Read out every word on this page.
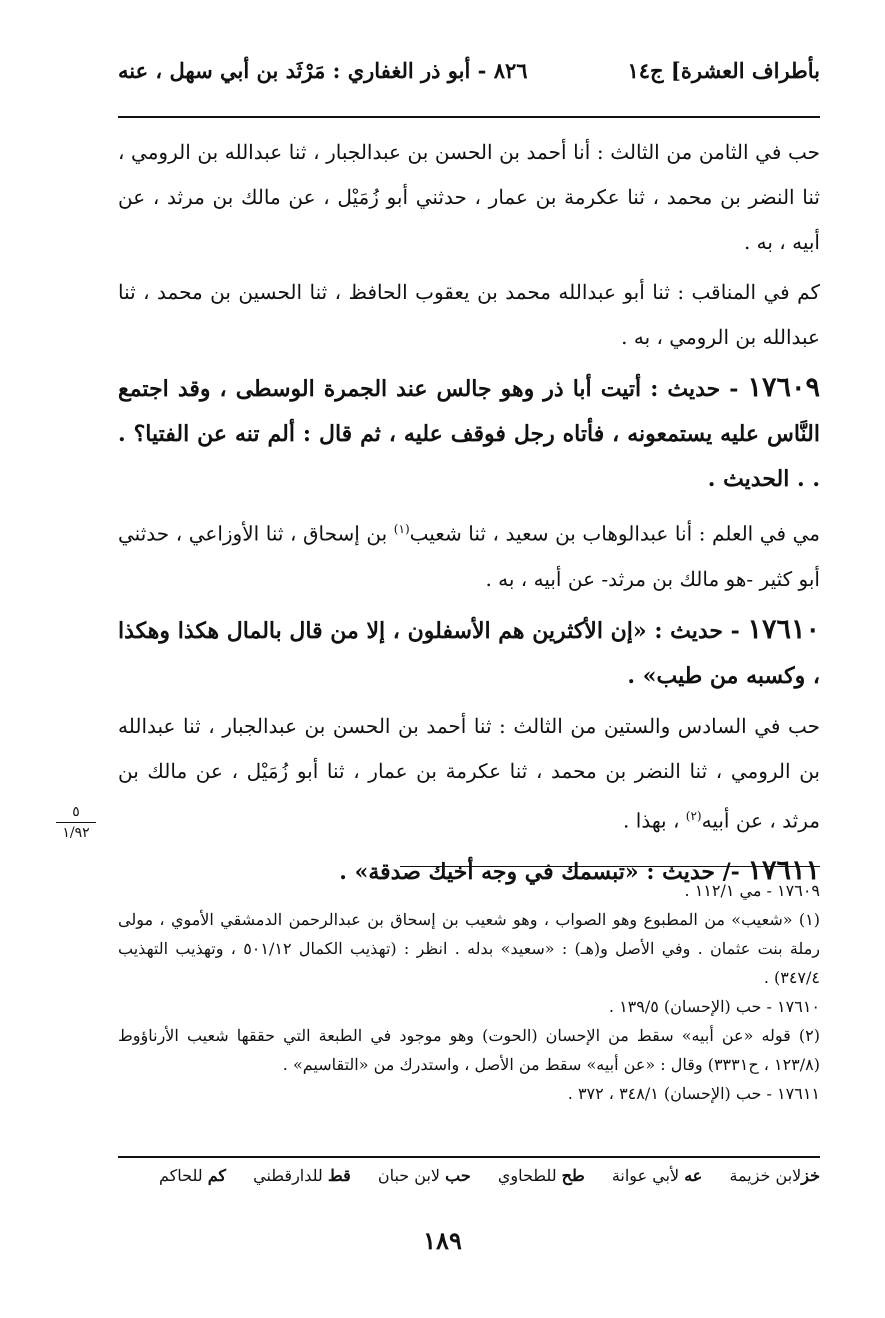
بأطراف العشرة] ج١٤
٨٢٦ - أبو ذر الغفاري : مَرْثَد بن أبي سهل ، عنه

حب في الثامن من الثالث : أنا أحمد بن الحسن بن عبدالجبار ، ثنا عبدالله بن الرومي ، ثنا النضر بن محمد ، ثنا عكرمة بن عمار ، حدثني أبو زُمَيْل ، عن مالك بن مرثد ، عن أبيه ، به .

كم في المناقب : ثنا أبو عبدالله محمد بن يعقوب الحافظ ، ثنا الحسين بن محمد ، ثنا عبدالله بن الرومي ، به .

١٧٦٠٩ - حديث : أتيت أبا ذر وهو جالس عند الجمرة الوسطى ، وقد اجتمع النَّاس عليه يستمعونه ، فأتاه رجل فوقف عليه ، ثم قال : ألم تنه عن الفتيا؟ . . . الحديث .

مي في العلم : أنا عبدالوهاب بن سعيد ، ثنا شعيب$^{(١)}$ بن إسحاق ، ثنا الأوزاعي ، حدثني أبو كثير -هو مالك بن مرثد- عن أبيه ، به .

١٧٦١٠ - حديث : «إن الأكثرين هم الأسفلون ، إلا من قال بالمال هكذا وهكذا ، وكسبه من طيب» .

حب في السادس والستين من الثالث : ثنا أحمد بن الحسن بن عبدالجبار ، ثنا عبدالله بن الرومي ، ثنا النضر بن محمد ، ثنا عكرمة بن عمار ، ثنا أبو زُمَيْل ، عن مالك بن مرثد ، عن أبيه$^{(٢)}$ ، بهذا .

١٧٦١١ -/ حديث : «تبسمك في وجه أخيك صدقة» .

٥
١/٩٢

١٧٦٠٩ - مي ١١٢/١ .

(١) «شعيب» من المطبوع وهو الصواب ، وهو شعيب بن إسحاق بن عبدالرحمن الدمشقي الأموي ، مولى رملة بنت عثمان . وفي الأصل و(هـ) : «سعيد» بدله . انظر : (تهذيب الكمال ٥٠١/١٢ ، وتهذيب التهذيب ٣٤٧/٤) .

١٧٦١٠ - حب (الإحسان) ١٣٩/٥ .

(٢) قوله «عن أبيه» سقط من الإحسان (الحوت) وهو موجود في الطبعة التي حققها شعيب الأرناؤوط (١٢٣/٨ ، ح٣٣٣١) وقال : «عن أبيه» سقط من الأصل ، واستدرك من «التقاسيم» .

١٧٦١١ - حب (الإحسان) ٣٤٨/١ ، ٣٧٢ .

خزلابن خزيمة عه لأبي عوانة طح للطحاوي حب لابن حبان قط للدارقطني كم للحاكم
١٨٩
